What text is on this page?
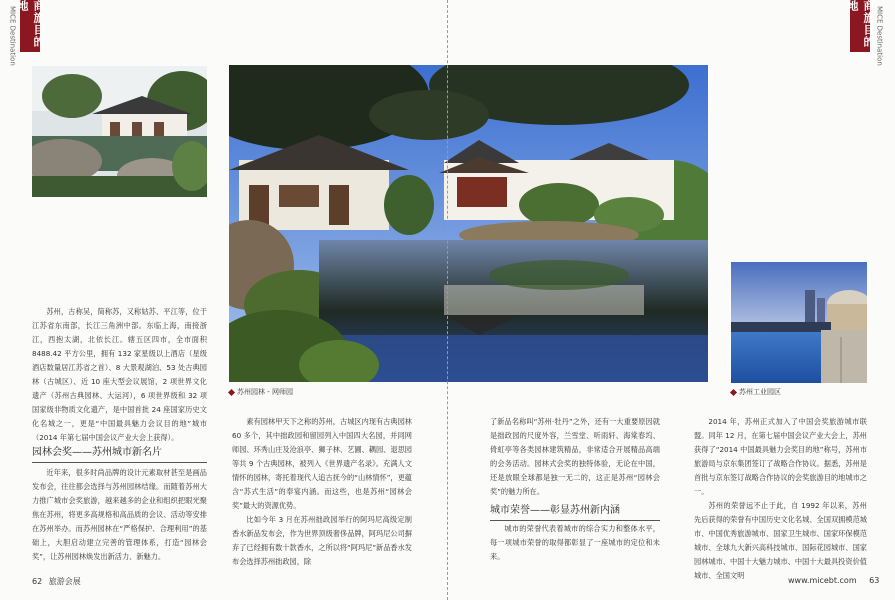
MICE Destination	商旅目的地

苏州，古称吴，简称苏，又称姑苏、平江等，位于江苏省东南部，长江三角洲中部。东临上海，南接浙江，西抱太湖，北依长江。辖五区四市，全市面积 8488.42 平方公里，拥有 132 家星级以上酒店（星级酒店数量居江苏省之首）、8 大景观湖泊、53 处古典园林（古城区）、近 10 座大型会议展馆，2 项世界文化遗产（苏州古典园林、大运河），6 项世界级和 32 项国家级非物质文化遗产，是中国首批 24 座国家历史文化名城之一，更是“中国最具魅力会议目的地”城市（2014 年第七届中国会议产业大会上获得）。

园林会奖——苏州城市新名片

近年来，很多时尚品牌的设计元素取材甚至是画品发布会，往往都会选择与苏州园林结缘。而随着苏州大力推广城市会奖旅游，越来越多的企业和组织把眼光聚焦在苏州，将更多高规格和高品质的会议、活动等安排在苏州举办。而苏州园林在“严格保护、合理利用”的基础上，大胆启动建立完善的管理体系，打造“园林会奖”，让苏州园林焕发出新活力、新魅力。

素有园林甲天下之称的苏州，古城区内现有古典园林 60 多个，其中拙政园和留园列入中国四大名园，并同网师园、环秀山庄及沧浪亭、狮子林、艺圃、耦园、退思园等共 9 个古典园林，被列入《世界遗产名录》。充满人文情怀的园林，寄托着现代人追古抚今的“山林情怀”，更蕴含“苏式生活”的奉宴内涵。而这些，也是苏州“园林会奖”最大的资源优势。

比如今年 3 月在苏州拙政园举行的阿玛尼高级定制香水新品发布会，作为世界顶级奢侈品牌，阿玛尼公司摒弃了已经拥有数十款香水，之所以将“阿玛尼”新品香水发布会选择苏州拙政园，除

62 旅游会展
商旅目的地	MICE Destination
苏州工业园区

了新品名称叫“苏州·牡丹”之外，还有一大重要原因就是拙政园的尺度外容，兰雪堂、听雨轩、海棠春坞、倚虹亭等各类园林建筑精品，非常适合开展精品高端的会务活动。园林式会奖的独特体验，无论在中国，还是放眼全球都是独一无二的，这正是苏州“园林会奖”的魅力所在。

城市荣誉——彰显苏州新内涵

城市的荣誉代表着城市的综合实力和整体水平，每一项城市荣誉的取得都彰显了一座城市的定位和未来。

2014 年，苏州正式加入了中国会奖旅游城市联盟。同年 12 月，在第七届中国会议产业大会上，苏州获得了“2014 中国最具魅力会奖目的地”称号，苏州市旅游局与京东集团签订了战略合作协议。据悉，苏州是首批与京东签订战略合作协议的会奖旅游目的地城市之一。

苏州的荣誉远不止于此，自 1992 年以来，苏州先后获得的荣誉有中国历史文化名城、全国双拥模范城市、中国优秀旅游城市、国家卫生城市、国家环保模范城市、全球九大新兴高科技城市、国际花园城市、国家园林城市、中国十大魅力城市、中国十大最具投资价值城市、全国文明

www.micebt.com 63
苏州园林 - 网师园
